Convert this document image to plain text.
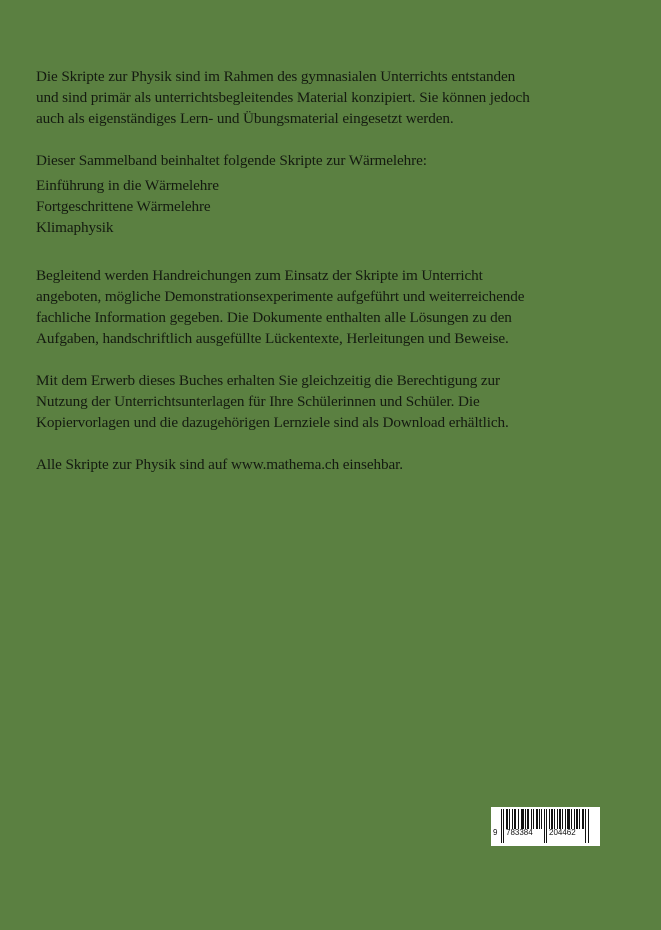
Die Skripte zur Physik sind im Rahmen des gymnasialen Unterrichts entstanden
und sind primär als unterrichtsbegleitendes Material konzipiert. Sie können jedoch
auch als eigenständiges Lern- und Übungsmaterial eingesetzt werden.

Dieser Sammelband beinhaltet folgende Skripte zur Wärmelehre:

Einführung in die Wärmelehre
Fortgeschrittene Wärmelehre
Klimaphysik

Begleitend werden Handreichungen zum Einsatz der Skripte im Unterricht
angeboten, mögliche Demonstrationsexperimente aufgeführt und weiterreichende
fachliche Information gegeben. Die Dokumente enthalten alle Lösungen zu den
Aufgaben, handschriftlich ausgefüllte Lückentexte, Herleitungen und Beweise.

Mit dem Erwerb dieses Buches erhalten Sie gleichzeitig die Berechtigung zur
Nutzung der Unterrichtsunterlagen für Ihre Schülerinnen und Schüler. Die
Kopiervorlagen und die dazugehörigen Lernziele sind als Download erhältlich.

Alle Skripte zur Physik sind auf www.mathema.ch einsehbar.

9 783384 204462
